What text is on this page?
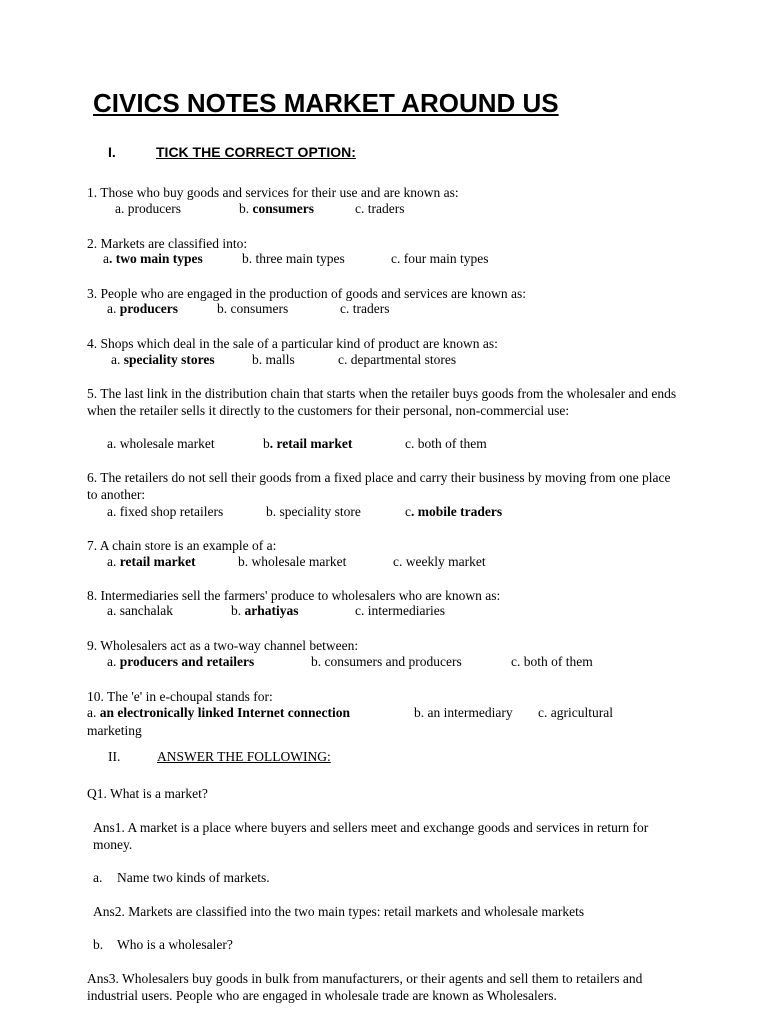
CIVICS NOTES MARKET AROUND US
I.	TICK THE CORRECT OPTION:

1. Those who buy goods and services for their use and are known as:

a. producers	b. consumers	c. traders

2. Markets are classified into:

a. two main types	b. three main types	c. four main types

3. People who are engaged in the production of goods and services are known as:

a. producers	b. consumers	c. traders

4. Shops which deal in the sale of a particular kind of product are known as:

a. speciality stores	b. malls	c. departmental stores

5. The last link in the distribution chain that starts when the retailer buys goods from the wholesaler and ends when the retailer sells it directly to the customers for their personal, non-commercial use:

a. wholesale market	b. retail market	c. both of them

6. The retailers do not sell their goods from a fixed place and carry their business by moving from one place to another:

a. fixed shop retailers	b. speciality store	c. mobile traders

7. A chain store is an example of a:

a. retail market	b. wholesale market	c. weekly market

8. Intermediaries sell the farmers' produce to wholesalers who are known as:

a. sanchalak	b. arhatiyas	c. intermediaries

9. Wholesalers act as a two-way channel between:

a. producers and retailers	b. consumers and producers	c. both of them

10. The 'e' in e-choupal stands for:

a. an electronically linked Internet connection	b. an intermediary c. agricultural
marketing
II.	ANSWER THE FOLLOWING:
Q1. What is a market?
Ans1. A market is a place where buyers and sellers meet and exchange goods and services in return for money.
a. Name two kinds of markets.
Ans2. Markets are classified into the two main types: retail markets and wholesale markets
b. Who is a wholesaler?
Ans3. Wholesalers buy goods in bulk from manufacturers, or their agents and sell them to retailers and industrial users. People who are engaged in wholesale trade are known as Wholesalers.
